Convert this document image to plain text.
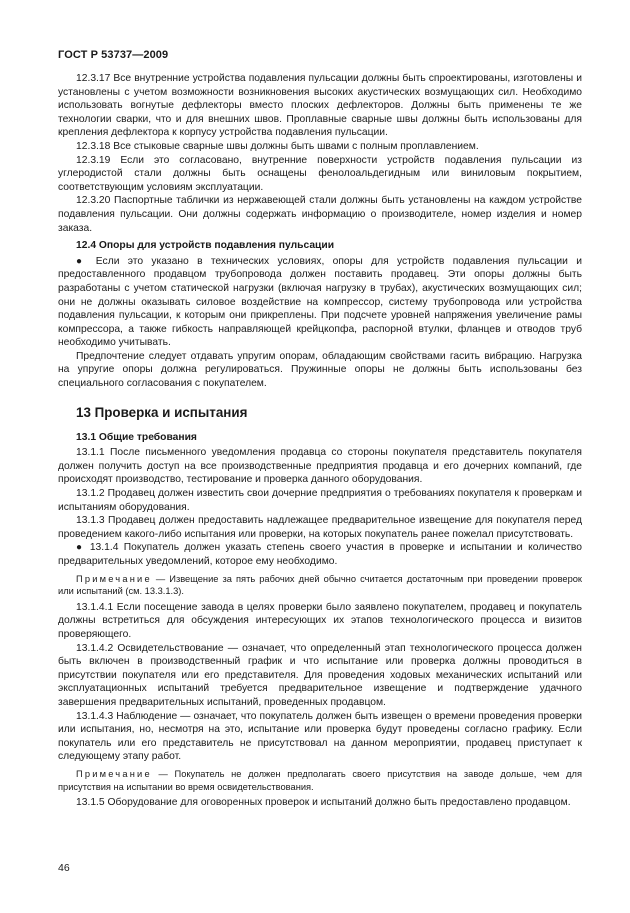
ГОСТ Р 53737—2009

12.3.17 Все внутренние устройства подавления пульсации должны быть спроектированы, изготовлены и установлены с учетом возможности возникновения высоких акустических возмущающих сил. Необходимо использовать вогнутые дефлекторы вместо плоских дефлекторов. Должны быть применены те же технологии сварки, что и для внешних швов. Проплавные сварные швы должны быть использованы для крепления дефлектора к корпусу устройства подавления пульсации.

12.3.18 Все стыковые сварные швы должны быть швами с полным проплавлением.

12.3.19 Если это согласовано, внутренние поверхности устройств подавления пульсации из углеродистой стали должны быть оснащены фенолоальдегидным или виниловым покрытием, соответствующим условиям эксплуатации.

12.3.20 Паспортные таблички из нержавеющей стали должны быть установлены на каждом устройстве подавления пульсации. Они должны содержать информацию о производителе, номер изделия и номер заказа.

12.4 Опоры для устройств подавления пульсации

● Если это указано в технических условиях, опоры для устройств подавления пульсации и предоставленного продавцом трубопровода должен поставить продавец. Эти опоры должны быть разработаны с учетом статической нагрузки (включая нагрузку в трубах), акустических возмущающих сил; они не должны оказывать силовое воздействие на компрессор, систему трубопровода или устройства подавления пульсации, к которым они прикреплены. При подсчете уровней напряжения увеличение рамы компрессора, а также гибкость направляющей крейцкопфа, распорной втулки, фланцев и отводов труб необходимо учитывать.

Предпочтение следует отдавать упругим опорам, обладающим свойствами гасить вибрацию. Нагрузка на упругие опоры должна регулироваться. Пружинные опоры не должны быть использованы без специального согласования с покупателем.

13 Проверка и испытания

13.1 Общие требования

13.1.1 После письменного уведомления продавца со стороны покупателя представитель покупателя должен получить доступ на все производственные предприятия продавца и его дочерних компаний, где происходят производство, тестирование и проверка данного оборудования.

13.1.2 Продавец должен известить свои дочерние предприятия о требованиях покупателя к проверкам и испытаниям оборудования.

13.1.3 Продавец должен предоставить надлежащее предварительное извещение для покупателя перед проведением какого-либо испытания или проверки, на которых покупатель ранее пожелал присутствовать.

● 13.1.4 Покупатель должен указать степень своего участия в проверке и испытании и количество предварительных уведомлений, которое ему необходимо.

Примечание — Извещение за пять рабочих дней обычно считается достаточным при проведении проверок или испытаний (см. 13.3.1.3).

13.1.4.1 Если посещение завода в целях проверки было заявлено покупателем, продавец и покупатель должны встретиться для обсуждения интересующих их этапов технологического процесса и визитов проверяющего.

13.1.4.2 Освидетельствование — означает, что определенный этап технологического процесса должен быть включен в производственный график и что испытание или проверка должны проводиться в присутствии покупателя или его представителя. Для проведения ходовых механических испытаний или эксплуатационных испытаний требуется предварительное извещение и подтверждение удачного завершения предварительных испытаний, проведенных продавцом.

13.1.4.3 Наблюдение — означает, что покупатель должен быть извещен о времени проведения проверки или испытания, но, несмотря на это, испытание или проверка будут проведены согласно графику. Если покупатель или его представитель не присутствовал на данном мероприятии, продавец приступает к следующему этапу работ.

Примечание — Покупатель не должен предполагать своего присутствия на заводе дольше, чем для присутствия на испытании во время освидетельствования.

13.1.5 Оборудование для оговоренных проверок и испытаний должно быть предоставлено продавцом.

46
